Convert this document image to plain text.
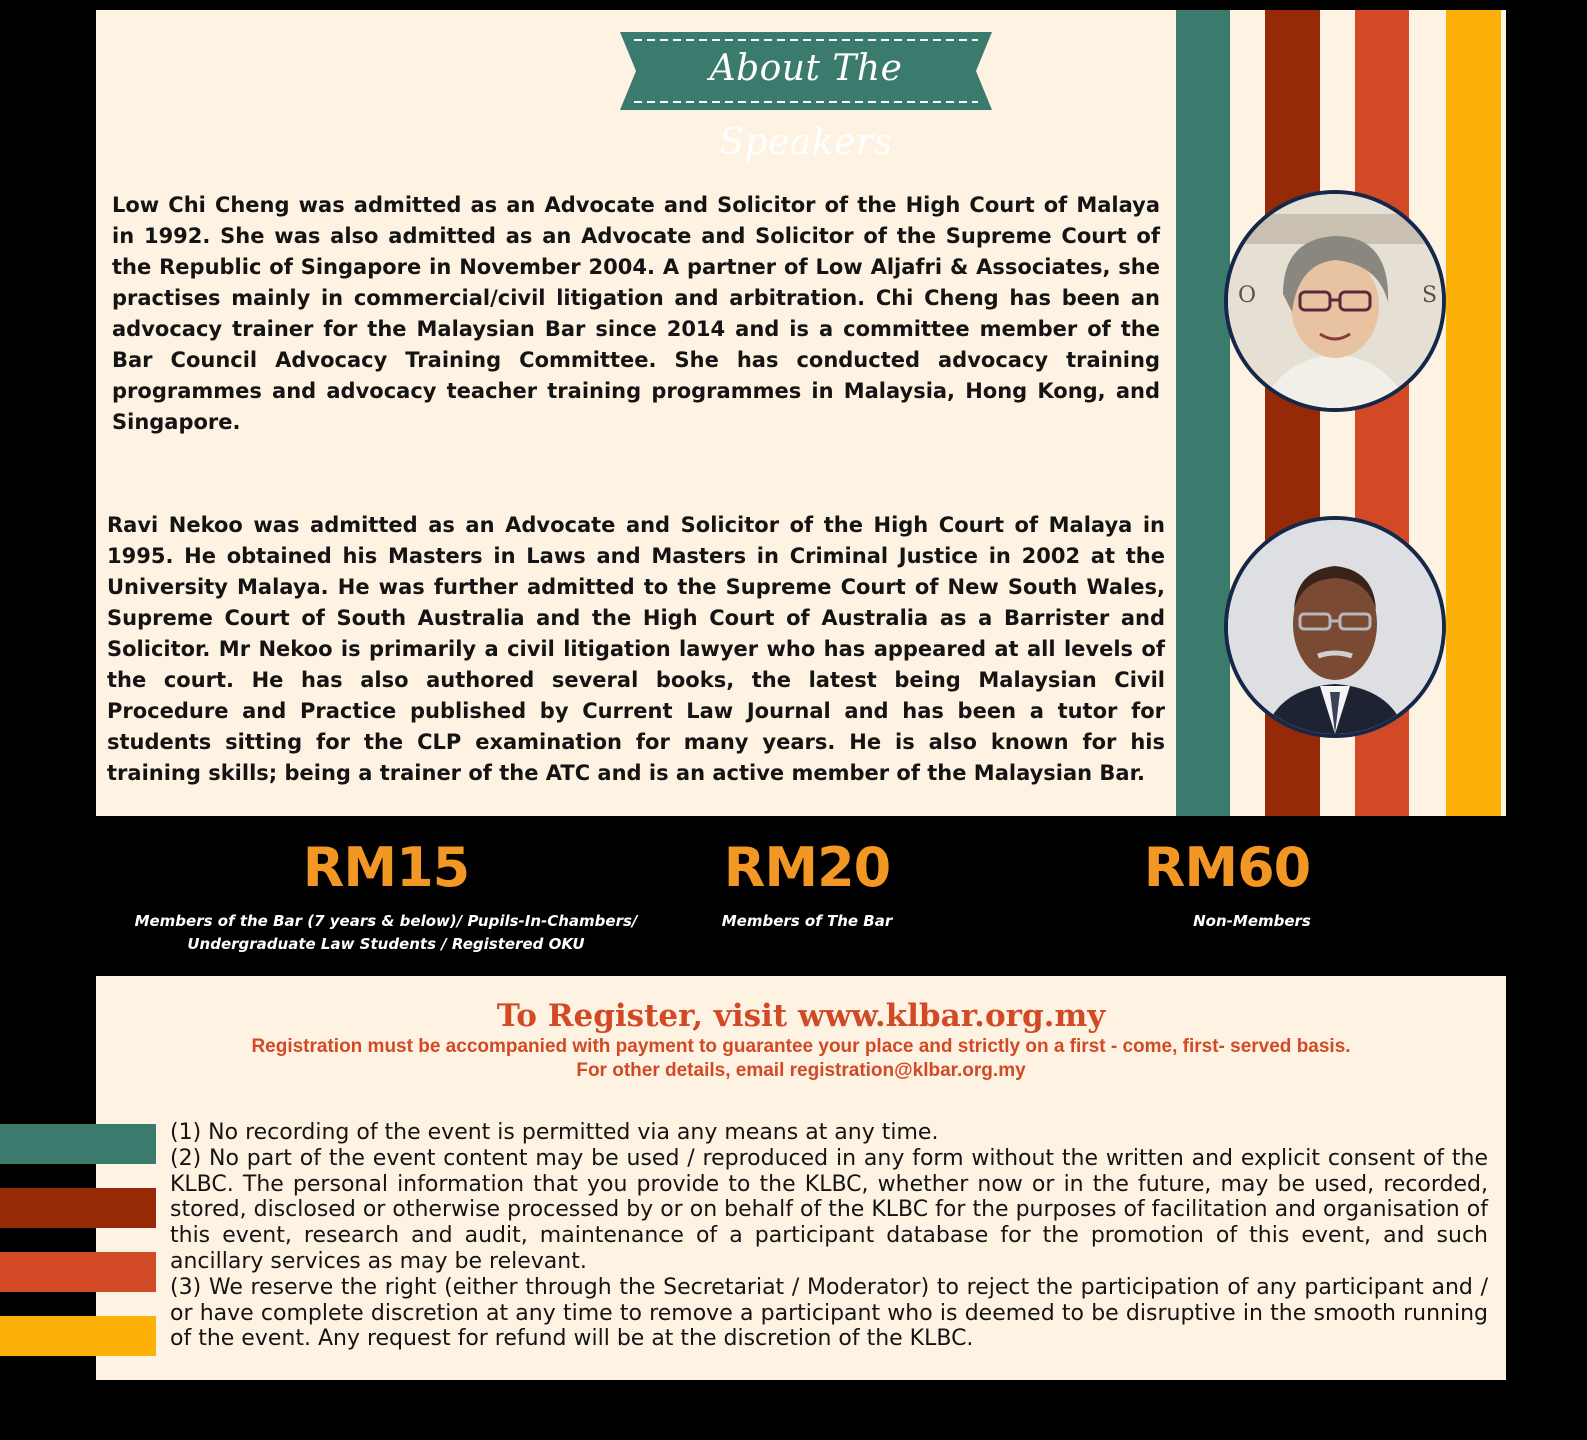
About The Speakers

Low Chi Cheng was admitted as an Advocate and Solicitor of the High Court of Malaya in 1992. She was also admitted as an Advocate and Solicitor of the Supreme Court of the Republic of Singapore in November 2004. A partner of Low Aljafri & Associates, she practises mainly in commercial/civil litigation and arbitration. Chi Cheng has been an advocacy trainer for the Malaysian Bar since 2014 and is a committee member of the Bar Council Advocacy Training Committee. She has conducted advocacy training programmes and advocacy teacher training programmes in Malaysia, Hong Kong, and Singapore.

Ravi Nekoo was admitted as an Advocate and Solicitor of the High Court of Malaya in 1995. He obtained his Masters in Laws and Masters in Criminal Justice in 2002 at the University Malaya. He was further admitted to the Supreme Court of New South Wales, Supreme Court of South Australia and the High Court of Australia as a Barrister and Solicitor. Mr Nekoo is primarily a civil litigation lawyer who has appeared at all levels of the court. He has also authored several books, the latest being Malaysian Civil Procedure and Practice published by Current Law Journal and has been a tutor for students sitting for the CLP examination for many years. He is also known for his training skills; being a trainer of the ATC and is an active member of the Malaysian Bar.

O	S
RM15
Members of the Bar (7 years & below)/ Pupils-In-Chambers/
Undergraduate Law Students / Registered OKU
RM20
Members of The Bar
RM60
Non-Members
To Register, visit www.klbar.org.my
Registration must be accompanied with payment to guarantee your place and strictly on a first - come, first- served basis.
For other details, email registration@klbar.org.my

(1) No recording of the event is permitted via any means at any time.

(2) No part of the event content may be used / reproduced in any form without the written and explicit consent of the KLBC. The personal information that you provide to the KLBC, whether now or in the future, may be used, recorded, stored, disclosed or otherwise processed by or on behalf of the KLBC for the purposes of facilitation and organisation of this event, research and audit, maintenance of a participant database for the promotion of this event, and such ancillary services as may be relevant.

(3) We reserve the right (either through the Secretariat / Moderator) to reject the participation of any participant and / or have complete discretion at any time to remove a participant who is deemed to be disruptive in the smooth running of the event. Any request for refund will be at the discretion of the KLBC.
